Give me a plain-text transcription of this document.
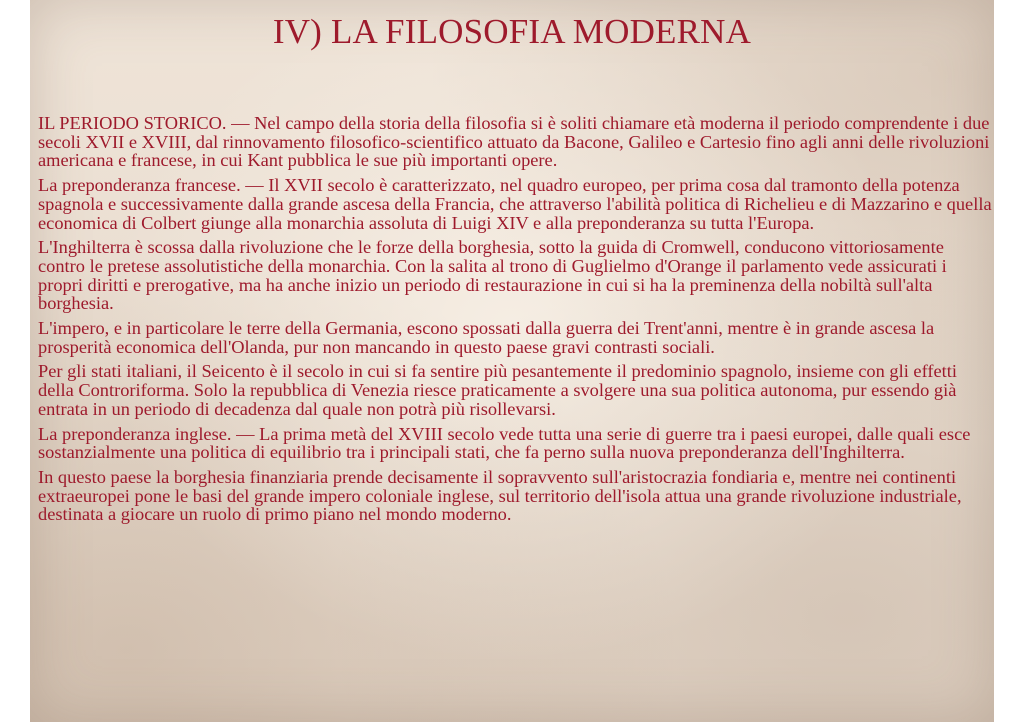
IV) LA FILOSOFIA MODERNA

IL PERIODO STORICO. — Nel campo della storia della filosofia si è soliti chiamare età moderna il periodo comprendente i due secoli XVII e XVIII, dal rinnovamento filosofico-scientifico attuato da Bacone, Galileo e Cartesio fino agli anni delle rivoluzioni americana e francese, in cui Kant pubblica le sue più importanti opere.

La preponderanza francese. — Il XVII secolo è caratterizzato, nel quadro europeo, per prima cosa dal tramonto della potenza spagnola e successivamente dalla grande ascesa della Francia, che attraverso l'abilità politica di Richelieu e di Mazzarino e quella economica di Colbert giunge alla monarchia assoluta di Luigi XIV e alla preponderanza su tutta l'Europa.

L'Inghilterra è scossa dalla rivoluzione che le forze della borghesia, sotto la guida di Cromwell, conducono vittoriosamente contro le pretese assolutistiche della monarchia. Con la salita al trono di Guglielmo d'Orange il parlamento vede assicurati i propri diritti e prerogative, ma ha anche inizio un periodo di restaurazione in cui si ha la preminenza della nobiltà sull'alta borghesia.

L'impero, e in particolare le terre della Germania, escono spossati dalla guerra dei Trent'anni, mentre è in grande ascesa la prosperità economica dell'Olanda, pur non mancando in questo paese gravi contrasti sociali.

Per gli stati italiani, il Seicento è il secolo in cui si fa sentire più pesantemente il predominio spagnolo, insieme con gli effetti della Controriforma. Solo la repubblica di Venezia riesce praticamente a svolgere una sua politica autonoma, pur essendo già entrata in un periodo di decadenza dal quale non potrà più risollevarsi.

La preponderanza inglese. — La prima metà del XVIII secolo vede tutta una serie di guerre tra i paesi europei, dalle quali esce sostanzialmente una politica di equilibrio tra i principali stati, che fa perno sulla nuova preponderanza dell'Inghilterra.

In questo paese la borghesia finanziaria prende decisamente il sopravvento sull'aristocrazia fondiaria e, mentre nei continenti extraeuropei pone le basi del grande impero coloniale inglese, sul territorio dell'isola attua una grande rivoluzione industriale, destinata a giocare un ruolo di primo piano nel mondo moderno.
